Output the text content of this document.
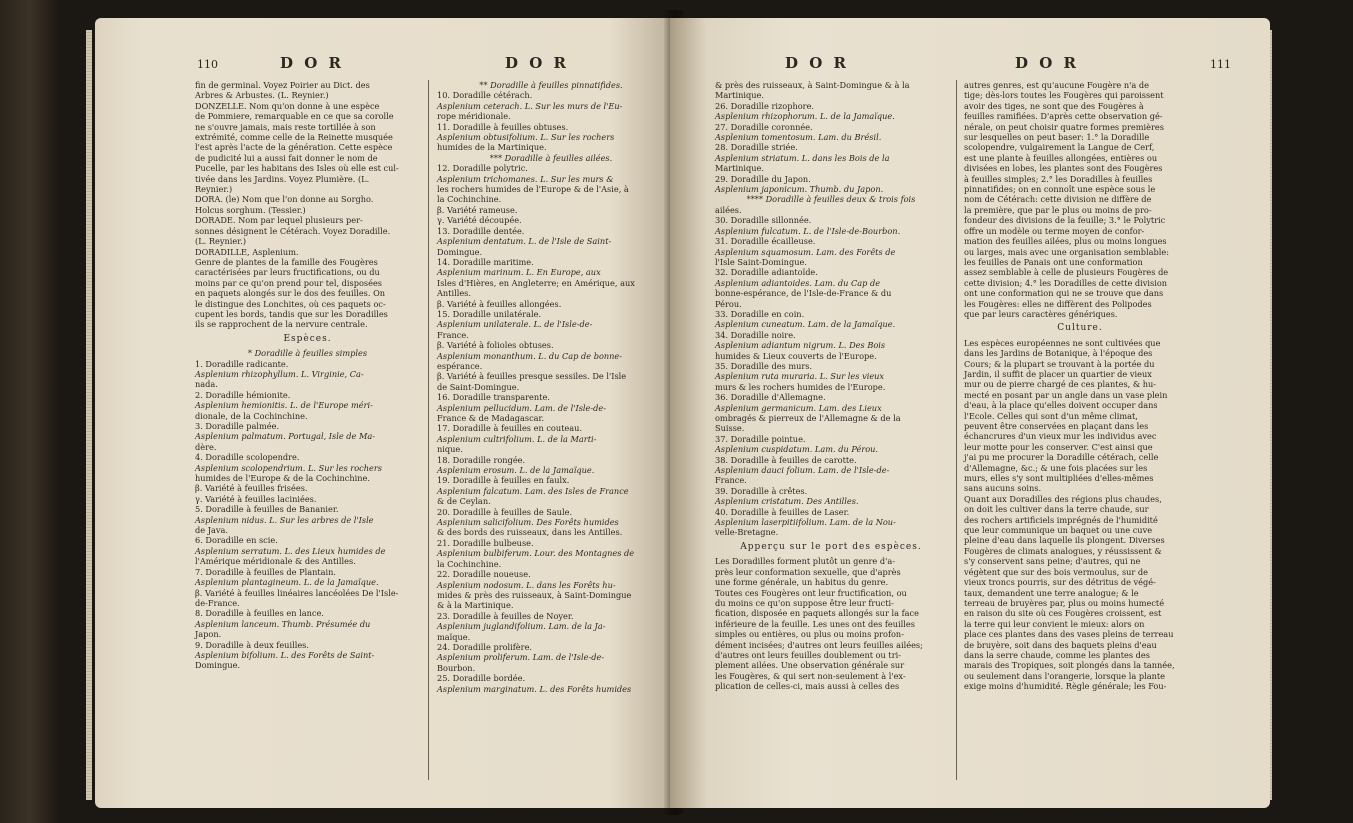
110	D O R	D O R

fin de germinal. Voyez Poirier au Dict. des

Arbres & Arbustes. (L. Reynier.)

DONZELLE. Nom qu'on donne à une espèce

de Pommiere, remarquable en ce que sa corolle

ne s'ouvre jamais, mais reste tortillée à son

extrémité, comme celle de la Reinette musquée

l'est après l'acte de la génération. Cette espèce

de pudicité lui a aussi fait donner le nom de

Pucelle, par les habitans des Isles où elle est cul-

tivée dans les Jardins. Voyez Plumière. (L.

Reynier.)

DORA. (le) Nom que l'on donne au Sorgho.

Holcus sorghum. (Tessier.)

DORADE. Nom par lequel plusieurs per-

sonnes désignent le Cétérach. Voyez Doradille.

(L. Reynier.)

DORADILLE, Asplenium.

Genre de plantes de la famille des Fougères

caractérisées par leurs fructifications, ou du

moins par ce qu'on prend pour tel, disposées

en paquets alongés sur le dos des feuilles. On

le distingue des Lonchites, où ces paquets oc-

cupent les bords, tandis que sur les Doradilles

ils se rapprochent de la nervure centrale.

Espèces.

* Doradille à feuilles simples

1. Doradille radicante.

Asplenium rhizophyllum. L. Virginie, Ca-

nada.

2. Doradille hémionite.

Asplenium hemionitis. L. de l'Europe méri-

dionale, de la Cochinchine.

3. Doradille palmée.

Asplenium palmatum. Portugal, Isle de Ma-

dère.

4. Doradille scolopendre.

Asplenium scolopendrium. L. Sur les rochers

humides de l'Europe & de la Cochinchine.

β. Variété à feuilles frisées.

γ. Variété à feuilles laciniées.

5. Doradille à feuilles de Bananier.

Asplenium nidus. L. Sur les arbres de l'Isle

de Java.

6. Doradille en scie.

Asplenium serratum. L. des Lieux humides de

l'Amérique méridionale & des Antilles.

7. Doradille à feuilles de Plantain.

Asplenium plantagineum. L. de la Jamaïque.

β. Variété à feuilles linéaires lancéolées De l'Isle-

de-France.

8. Doradille à feuilles en lance.

Asplenium lanceum. Thumb. Présumée du

Japon.

9. Doradille à deux feuilles.

Asplenium bifolium. L. des Forêts de Saint-

Domingue.

** Doradille à feuilles pinnatifides.

10. Doradille cétérach.

Asplenium ceterach. L. Sur les murs de l'Eu-

rope méridionale.

11. Doradille à feuilles obtuses.

Asplenium obtusifolium. L. Sur les rochers

humides de la Martinique.

*** Doradille à feuilles ailées.

12. Doradille polytric.

Asplenium trichomanes. L. Sur les murs &

les rochers humides de l'Europe & de l'Asie, à

la Cochinchine.

β. Variété rameuse.

γ. Variété découpée.

13. Doradille dentée.

Asplenium dentatum. L. de l'Isle de Saint-

Domingue.

14. Doradille maritime.

Asplenium marinum. L. En Europe, aux

Isles d'Hières, en Angleterre; en Amérique, aux

Antilles.

β. Variété à feuilles allongées.

15. Doradille unilatérale.

Asplenium unilaterale. L. de l'Isle-de-

France.

β. Variété à folioles obtuses.

Asplenium monanthum. L. du Cap de bonne-

espérance.

β. Variété à feuilles presque sessiles. De l'Isle

de Saint-Domingue.

16. Doradille transparente.

Asplenium pellucidum. Lam. de l'Isle-de-

France & de Madagascar.

17. Doradille à feuilles en couteau.

Asplenium cultrifolium. L. de la Marti-

nique.

18. Doradille rongée.

Asplenium erosum. L. de la Jamaïque.

19. Doradille à feuilles en faulx.

Asplenium falcatum. Lam. des Isles de France

& de Ceylan.

20. Doradille à feuilles de Saule.

Asplenium salicifolium. Des Forêts humides

& des bords des ruisseaux, dans les Antilles.

21. Doradille bulbeuse.

Asplenium bulbiferum. Lour. des Montagnes de

la Cochinchine.

22. Doradille noueuse.

Asplenium nodosum. L. dans les Forêts hu-

mides & près des ruisseaux, à Saint-Domingue

& à la Martinique.

23. Doradille à feuilles de Noyer.

Asplenium juglandifolium. Lam. de la Ja-

maïque.

24. Doradille prolifère.

Asplenium proliferum. Lam. de l'Isle-de-

Bourbon.

25. Doradille bordée.

Asplenium marginatum. L. des Forêts humides

D O R	D O R	111

& près des ruisseaux, à Saint-Domingue & à la

Martinique.

26. Doradille rizophore.

Asplenium rhizophorum. L. de la Jamaïque.

27. Doradille coronnée.

Asplenium tomentosum. Lam. du Brésil.

28. Doradille striée.

Asplenium striatum. L. dans les Bois de la

Martinique.

29. Doradille du Japon.

Asplenium japonicum. Thumb. du Japon.

**** Doradille à feuilles deux & trois fois

ailées.

30. Doradille sillonnée.

Asplenium fulcatum. L. de l'Isle-de-Bourbon.

31. Doradille écailleuse.

Asplenium squamosum. Lam. des Forêts de

l'Isle Saint-Domingue.

32. Doradille adiantoïde.

Asplenium adiantoides. Lam. du Cap de

bonne-espérance, de l'Isle-de-France & du

Pérou.

33. Doradille en coin.

Asplenium cuneatum. Lam. de la Jamaïque.

34. Doradille noire.

Asplenium adiantum nigrum. L. Des Bois

humides & Lieux couverts de l'Europe.

35. Doradille des murs.

Asplenium ruta muraria. L. Sur les vieux

murs & les rochers humides de l'Europe.

36. Doradille d'Allemagne.

Asplenium germanicum. Lam. des Lieux

ombragés & pierreux de l'Allemagne & de la

Suisse.

37. Doradille pointue.

Asplenium cuspidatum. Lam. du Pérou.

38. Doradille à feuilles de carotte.

Asplenium dauci folium. Lam. de l'Isle-de-

France.

39. Doradille à crêtes.

Asplenium cristatum. Des Antilles.

40. Doradille à feuilles de Laser.

Asplenium laserpitiifolium. Lam. de la Nou-

velle-Bretagne.

Apperçu sur le port des espèces.

Les Doradilles forment plutôt un genre d'a-

près leur conformation sexuelle, que d'après

une forme générale, un habitus du genre.

Toutes ces Fougères ont leur fructification, ou

du moins ce qu'on suppose être leur fructi-

fication, disposée en paquets allongés sur la face

inférieure de la feuille. Les unes ont des feuilles

simples ou entières, ou plus ou moins profon-

dément incisées; d'autres ont leurs feuilles ailées;

d'autres ont leurs feuilles doublement ou tri-

plement ailées. Une observation générale sur

les Fougères, & qui sert non-seulement à l'ex-

plication de celles-ci, mais aussi à celles des

autres genres, est qu'aucune Fougère n'a de

tige; dès-lors toutes les Fougères qui paroissent

avoir des tiges, ne sont que des Fougères à

feuilles ramifiées. D'après cette observation gé-

nérale, on peut choisir quatre formes premières

sur lesquelles on peut baser: 1.° la Doradille

scolopendre, vulgairement la Langue de Cerf,

est une plante à feuilles allongées, entières ou

divisées en lobes, les plantes sont des Fougères

à feuilles simples; 2.° les Doradilles à feuilles

pinnatifides; on en connoît une espèce sous le

nom de Cétérach: cette division ne diffère de

la première, que par le plus ou moins de pro-

fondeur des divisions de la feuille; 3.° le Polytric

offre un modèle ou terme moyen de confor-

mation des feuilles ailées, plus ou moins longues

ou larges, mais avec une organisation semblable:

les feuilles de Panais ont une conformation

assez semblable à celle de plusieurs Fougères de

cette division; 4.° les Doradilles de cette division

ont une conformation qui ne se trouve que dans

les Fougères: elles ne diffèrent des Polipodes

que par leurs caractères génériques.

Culture.

Les espèces européennes ne sont cultivées que

dans les Jardins de Botanique, à l'époque des

Cours; & la plupart se trouvant à la portée du

Jardin, il suffit de placer un quartier de vieux

mur ou de pierre chargé de ces plantes, & hu-

mecté en posant par un angle dans un vase plein

d'eau, à la place qu'elles doivent occuper dans

l'Ecole. Celles qui sont d'un même climat,

peuvent être conservées en plaçant dans les

échancrures d'un vieux mur les individus avec

leur motte pour les conserver. C'est ainsi que

j'ai pu me procurer la Doradille cétérach, celle

d'Allemagne, &c.; & une fois placées sur les

murs, elles s'y sont multipliées d'elles-mêmes

sans aucuns soins.

Quant aux Doradilles des régions plus chaudes,

on doit les cultiver dans la terre chaude, sur

des rochers artificiels imprégnés de l'humidité

que leur communique un baquet ou une cuve

pleine d'eau dans laquelle ils plongent. Diverses

Fougères de climats analogues, y réussissent &

s'y conservent sans peine; d'autres, qui ne

végètent que sur des bois vermoulus, sur de

vieux troncs pourris, sur des détritus de végé-

taux, demandent une terre analogue; & le

terreau de bruyères par, plus ou moins humecté

en raison du site où ces Fougères croissent, est

la terre qui leur convient le mieux: alors on

place ces plantes dans des vases pleins de terreau

de bruyère, soit dans des baquets pleins d'eau

dans la serre chaude, comme les plantes des

marais des Tropiques, soit plongés dans la tannée,

ou seulement dans l'orangerie, lorsque la plante

exige moins d'humidité. Règle générale; les Fou-
